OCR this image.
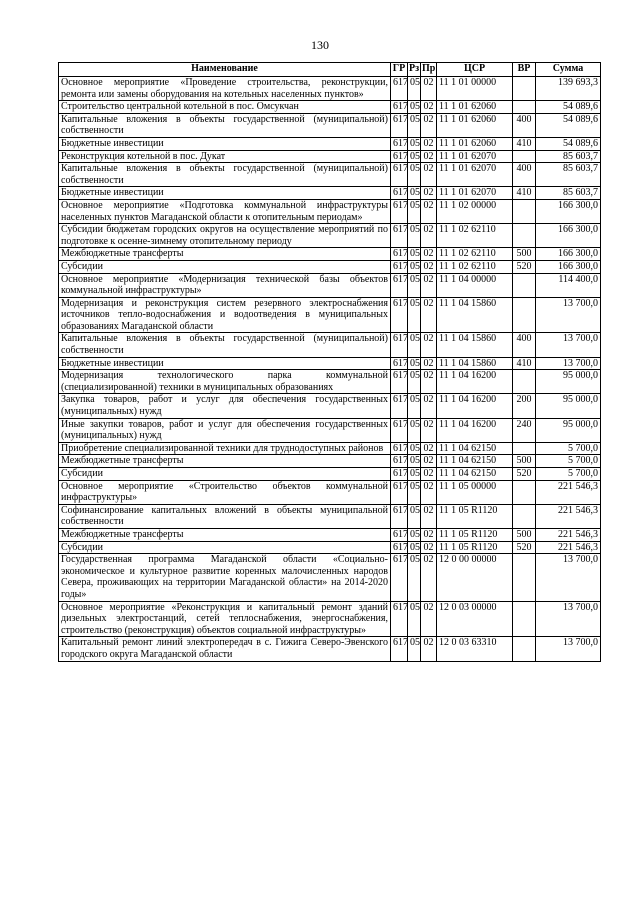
130
Наименование	ГР	Рз	Пр	ЦСР	ВР	Сумма
Основное мероприятие «Проведение строительства, реконструкции, ремонта или замены оборудования на котельных населенных пунктов»	617	05	02	11 1 01 00000		139 693,3
Строительство центральной котельной в пос. Омсукчан	617	05	02	11 1 01 62060		54 089,6
Капитальные вложения в объекты государственной (муниципальной) собственности	617	05	02	11 1 01 62060	400	54 089,6
Бюджетные инвестиции	617	05	02	11 1 01 62060	410	54 089,6
Реконструкция котельной в пос. Дукат	617	05	02	11 1 01 62070		85 603,7
Капитальные вложения в объекты государственной (муниципальной) собственности	617	05	02	11 1 01 62070	400	85 603,7
Бюджетные инвестиции	617	05	02	11 1 01 62070	410	85 603,7
Основное мероприятие «Подготовка коммунальной инфраструктуры населенных пунктов Магаданской области к отопительным периодам»	617	05	02	11 1 02 00000		166 300,0
Субсидии бюджетам городских округов на осуществление мероприятий по подготовке к осенне-зимнему отопительному периоду	617	05	02	11 1 02 62110		166 300,0
Межбюджетные трансферты	617	05	02	11 1 02 62110	500	166 300,0
Субсидии	617	05	02	11 1 02 62110	520	166 300,0
Основное мероприятие «Модернизация технической базы объектов коммунальной инфраструктуры»	617	05	02	11 1 04 00000		114 400,0
Модернизация и реконструкция систем резервного электроснабжения источников тепло-водоснабжения и водоотведения в муниципальных образованиях Магаданской области	617	05	02	11 1 04 15860		13 700,0
Капитальные вложения в объекты государственной (муниципальной) собственности	617	05	02	11 1 04 15860	400	13 700,0
Бюджетные инвестиции	617	05	02	11 1 04 15860	410	13 700,0
Модернизация технологического парка коммунальной (специализированной) техники в муниципальных образованиях	617	05	02	11 1 04 16200		95 000,0
Закупка товаров, работ и услуг для обеспечения государственных (муниципальных) нужд	617	05	02	11 1 04 16200	200	95 000,0
Иные закупки товаров, работ и услуг для обеспечения государственных (муниципальных) нужд	617	05	02	11 1 04 16200	240	95 000,0
Приобретение специализированной техники для труднодоступных районов	617	05	02	11 1 04 62150		5 700,0
Межбюджетные трансферты	617	05	02	11 1 04 62150	500	5 700,0
Субсидии	617	05	02	11 1 04 62150	520	5 700,0
Основное мероприятие «Строительство объектов коммунальной инфраструктуры»	617	05	02	11 1 05 00000		221 546,3
Софинансирование капитальных вложений в объекты муниципальной собственности	617	05	02	11 1 05 R1120		221 546,3
Межбюджетные трансферты	617	05	02	11 1 05 R1120	500	221 546,3
Субсидии	617	05	02	11 1 05 R1120	520	221 546,3
Государственная программа Магаданской области «Социально-экономическое и культурное развитие коренных малочисленных народов Севера, проживающих на территории Магаданской области» на 2014-2020 годы»	617	05	02	12 0 00 00000		13 700,0
Основное мероприятие «Реконструкция и капитальный ремонт зданий дизельных электростанций, сетей теплоснабжения, энергоснабжения, строительство (реконструкция) объектов социальной инфраструктуры»	617	05	02	12 0 03 00000		13 700,0
Капитальный ремонт линий электропередач в с. Гижига Северо-Эвенского городского округа Магаданской области	617	05	02	12 0 03 63310		13 700,0
